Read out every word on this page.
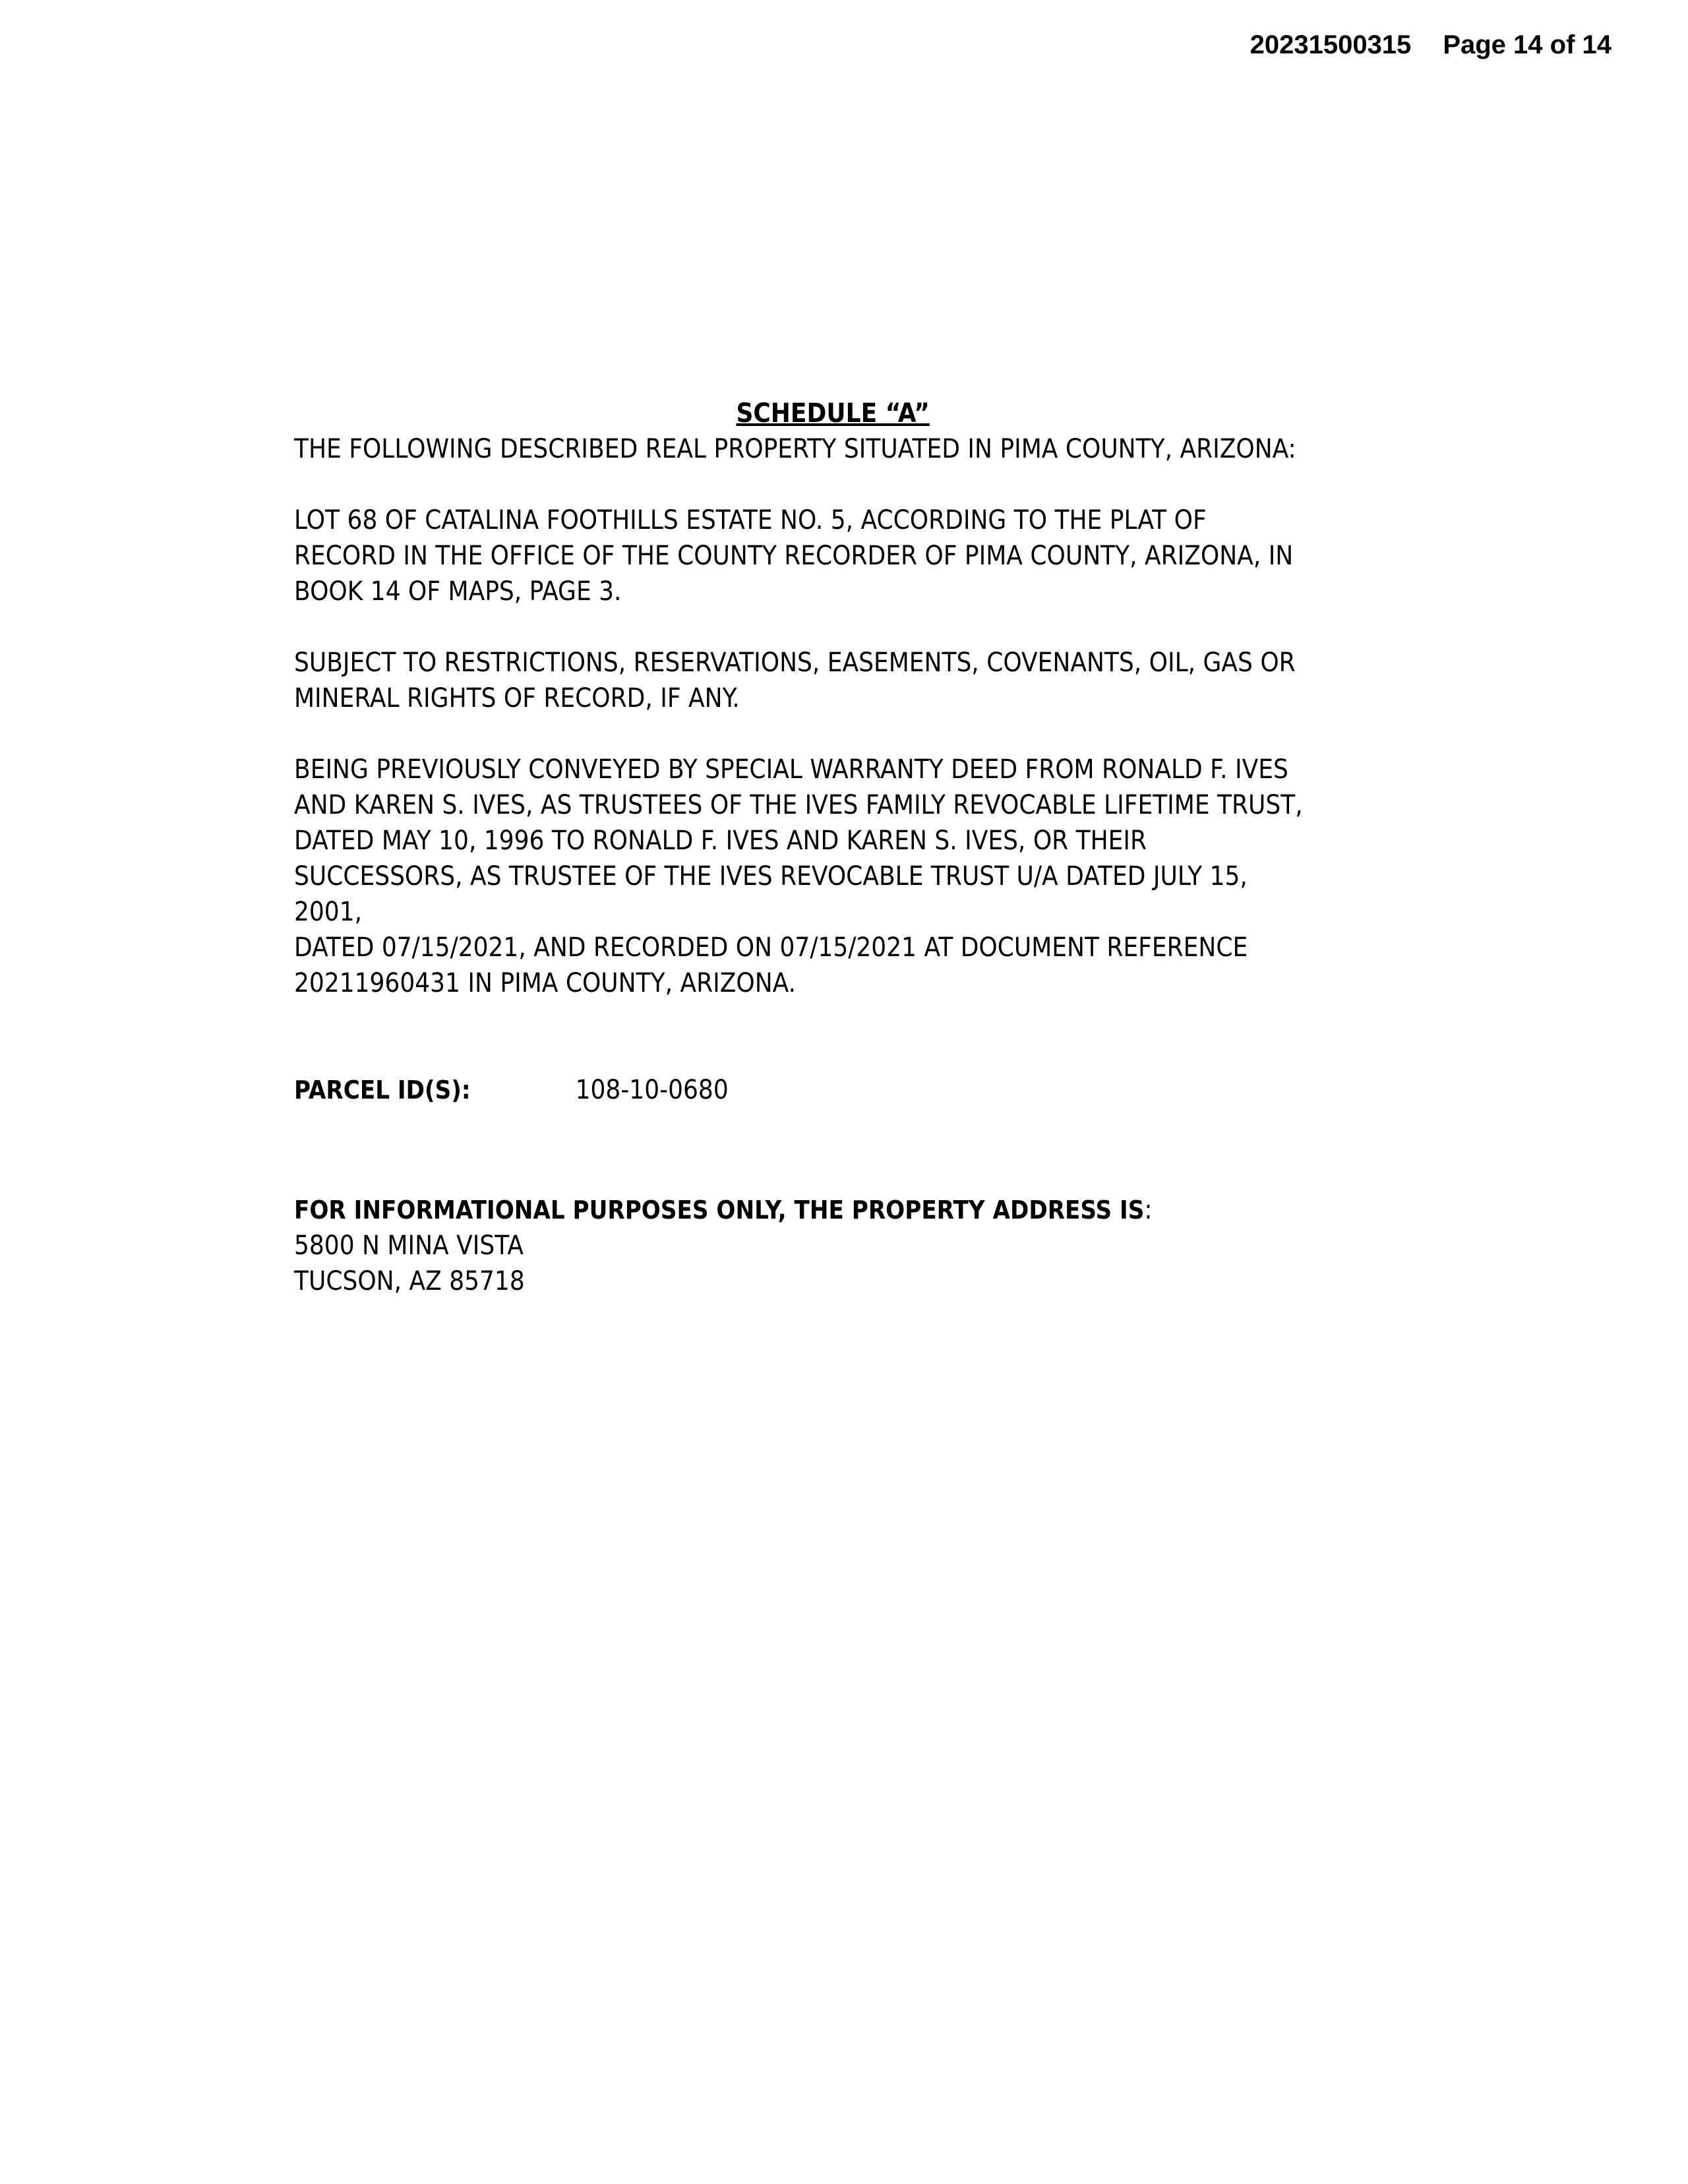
20231500315 Page 14 of 14
SCHEDULE “A”

THE FOLLOWING DESCRIBED REAL PROPERTY SITUATED IN PIMA COUNTY, ARIZONA:

LOT 68 OF CATALINA FOOTHILLS ESTATE NO. 5, ACCORDING TO THE PLAT OF
RECORD IN THE OFFICE OF THE COUNTY RECORDER OF PIMA COUNTY, ARIZONA, IN
BOOK 14 OF MAPS, PAGE 3.

SUBJECT TO RESTRICTIONS, RESERVATIONS, EASEMENTS, COVENANTS, OIL, GAS OR
MINERAL RIGHTS OF RECORD, IF ANY.

BEING PREVIOUSLY CONVEYED BY SPECIAL WARRANTY DEED FROM RONALD F. IVES
AND KAREN S. IVES, AS TRUSTEES OF THE IVES FAMILY REVOCABLE LIFETIME TRUST,
DATED MAY 10, 1996 TO RONALD F. IVES AND KAREN S. IVES, OR THEIR
SUCCESSORS, AS TRUSTEE OF THE IVES REVOCABLE TRUST U/A DATED JULY 15, 2001,
DATED 07/15/2021, AND RECORDED ON 07/15/2021 AT DOCUMENT REFERENCE
20211960431 IN PIMA COUNTY, ARIZONA.

PARCEL ID(S):	108-10-0680
FOR INFORMATIONAL PURPOSES ONLY, THE PROPERTY ADDRESS IS:
5800 N MINA VISTA
TUCSON, AZ 85718
